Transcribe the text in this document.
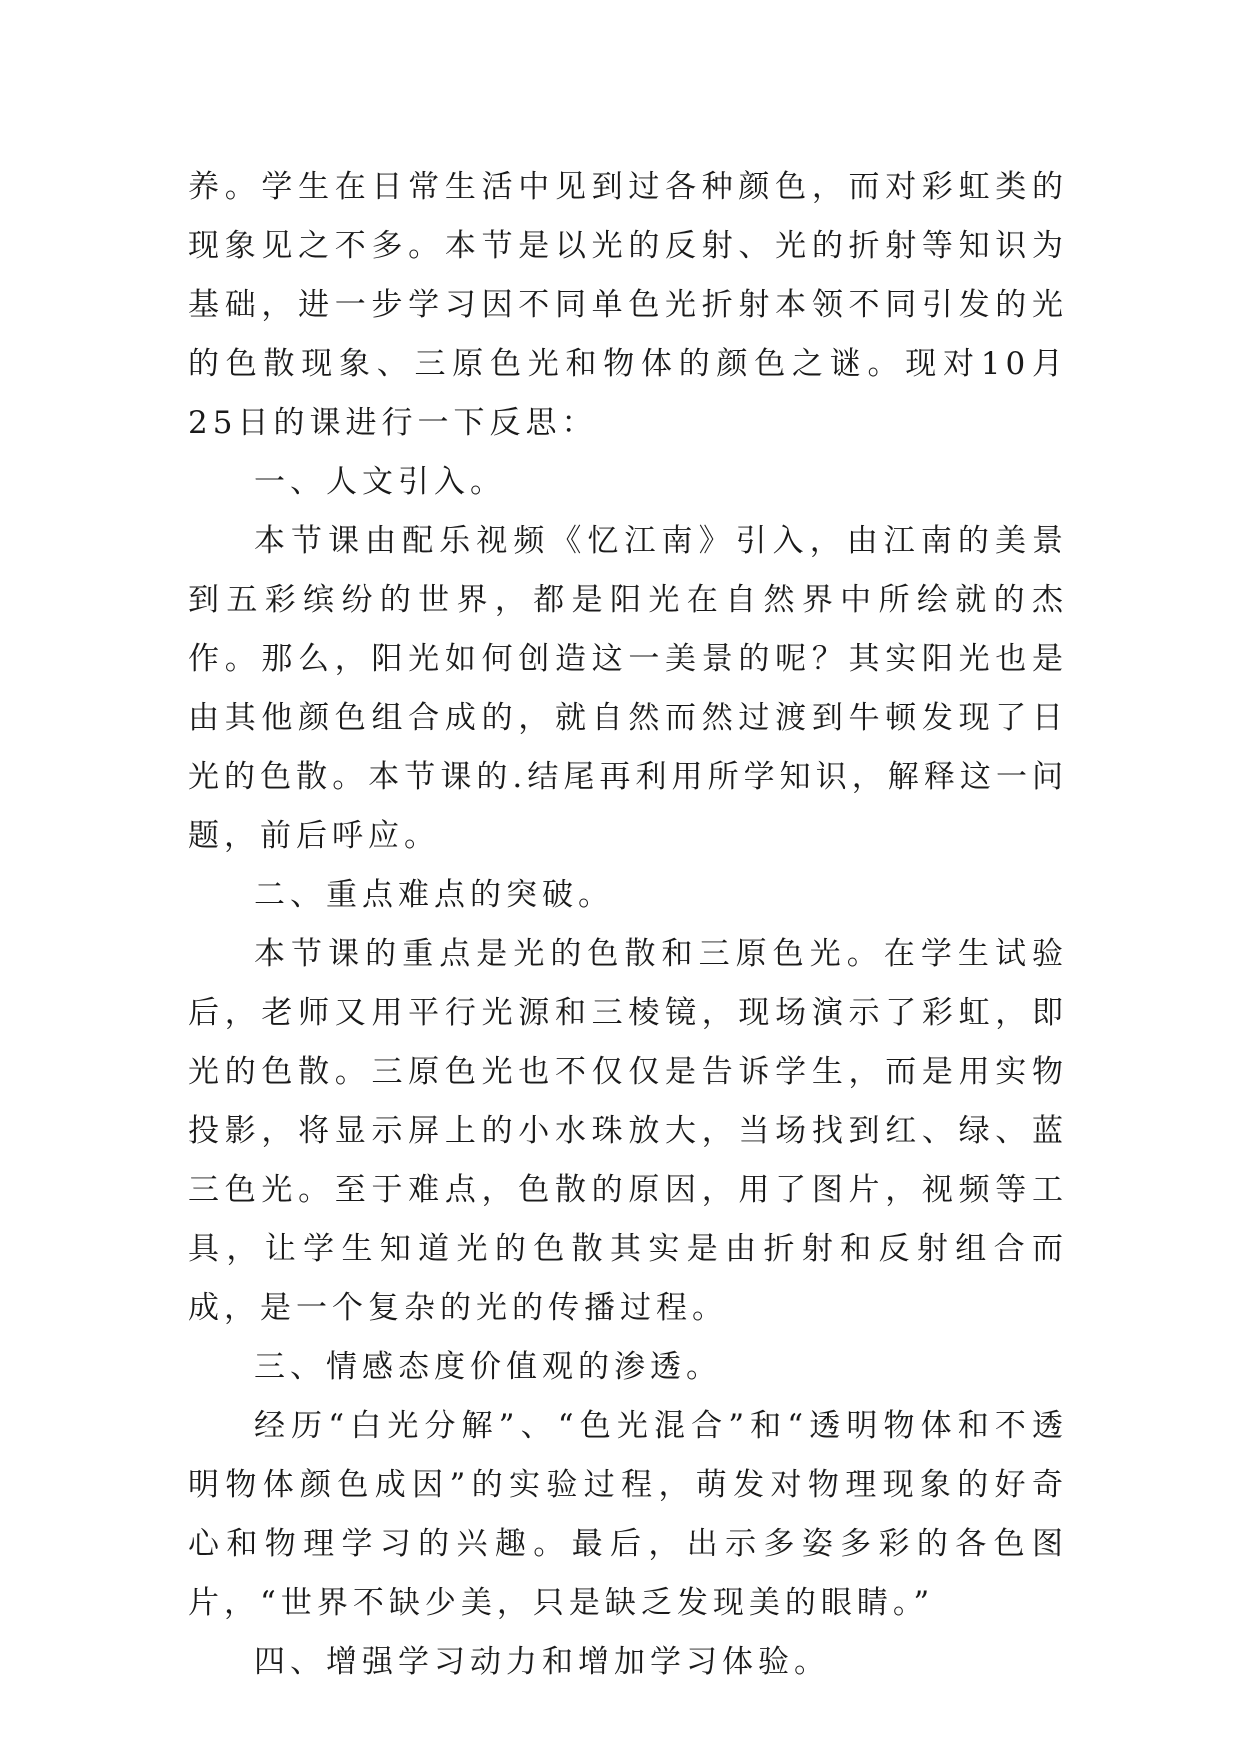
养。学生在日常生活中见到过各种颜色，而对彩虹类的现象见之不多。本节是以光的反射、光的折射等知识为基础，进一步学习因不同单色光折射本领不同引发的光的色散现象、三原色光和物体的颜色之谜。现对10月25日的课进行一下反思：

一、人文引入。

本节课由配乐视频《忆江南》引入，由江南的美景到五彩缤纷的世界，都是阳光在自然界中所绘就的杰作。那么，阳光如何创造这一美景的呢？其实阳光也是由其他颜色组合成的，就自然而然过渡到牛顿发现了日光的色散。本节课的.结尾再利用所学知识，解释这一问题，前后呼应。

二、重点难点的突破。

本节课的重点是光的色散和三原色光。在学生试验后，老师又用平行光源和三棱镜，现场演示了彩虹，即光的色散。三原色光也不仅仅是告诉学生，而是用实物投影，将显示屏上的小水珠放大，当场找到红、绿、蓝三色光。至于难点，色散的原因，用了图片，视频等工具，让学生知道光的色散其实是由折射和反射组合而成，是一个复杂的光的传播过程。

三、情感态度价值观的渗透。

经历“白光分解”、“色光混合”和“透明物体和不透明物体颜色成因”的实验过程，萌发对物理现象的好奇心和物理学习的兴趣。最后，出示多姿多彩的各色图片，“世界不缺少美，只是缺乏发现美的眼睛。”

四、增强学习动力和增加学习体验。
